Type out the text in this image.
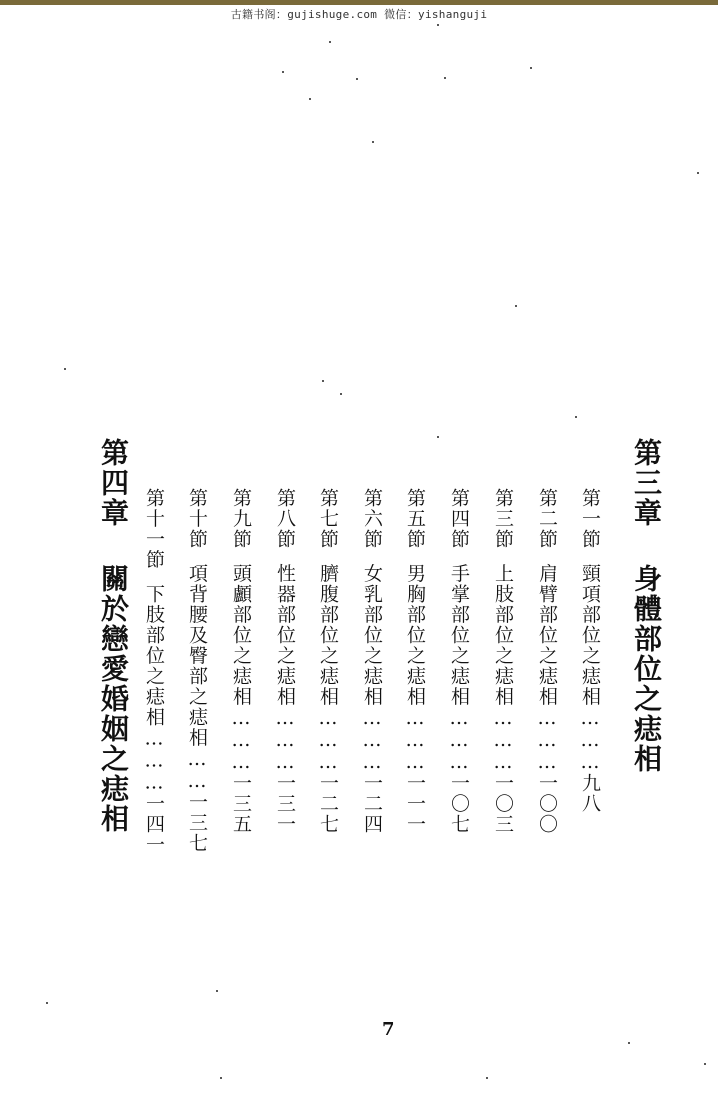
古籍书阁：gujishuge.com 微信：yishanguji
第三章身體部位之痣相
第一節頸項部位之痣相………九八
第二節肩臂部位之痣相………一〇〇
第三節上肢部位之痣相………一〇三
第四節手掌部位之痣相………一〇七
第五節男胸部位之痣相………一一一
第六節女乳部位之痣相………一二四
第七節臍腹部位之痣相………一二七
第八節性器部位之痣相………一三一
第九節頭顱部位之痣相………一三五
第十節項背腰及臀部之痣相……一三七
第十一節下肢部位之痣相………一四一
第四章關於戀愛婚姻之痣相
7
